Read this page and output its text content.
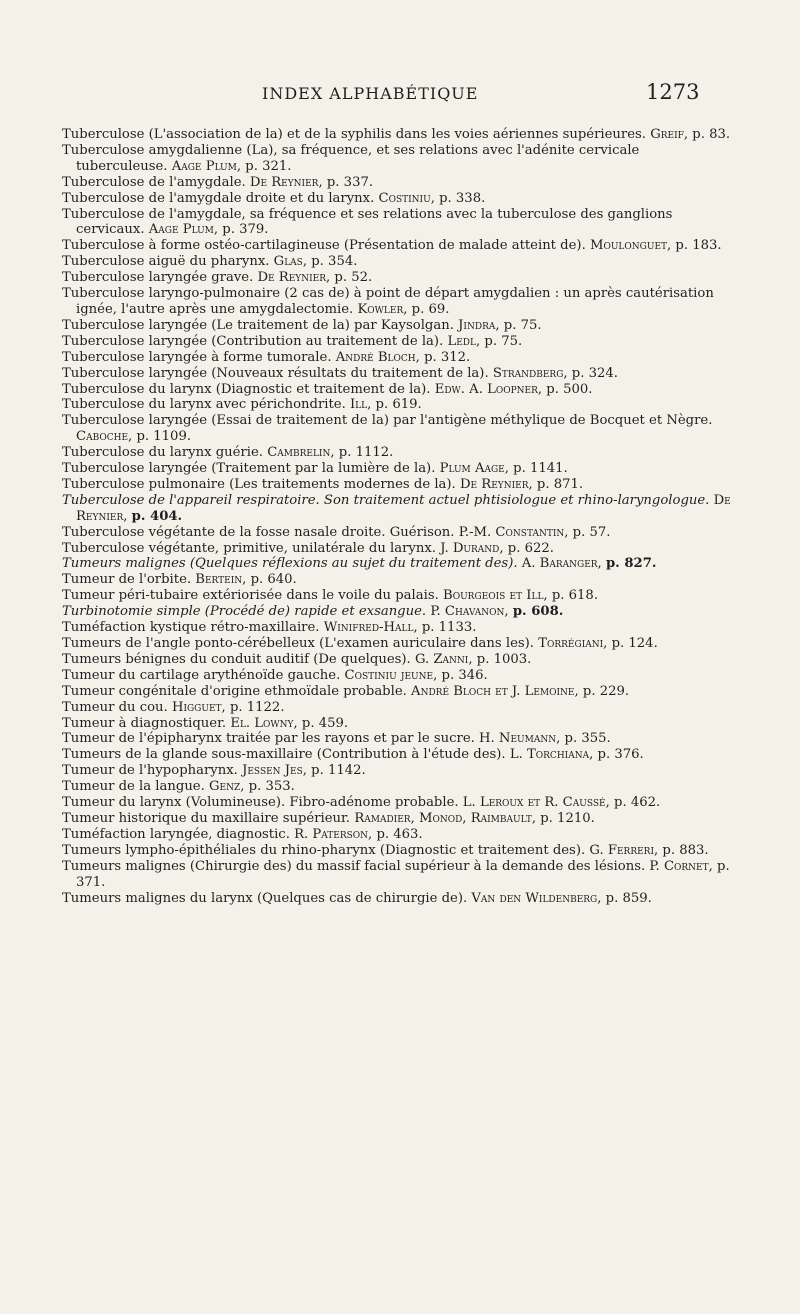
INDEX ALPHABÉTIQUE	1273

Tuberculose (L'association de la) et de la syphilis dans les voies aériennes supérieures. Greif, p. 83.

Tuberculose amygdalienne (La), sa fréquence, et ses relations avec l'adénite cervicale tuberculeuse. Aage Plum, p. 321.

Tuberculose de l'amygdale. De Reynier, p. 337.

Tuberculose de l'amygdale droite et du larynx. Costiniu, p. 338.

Tuberculose de l'amygdale, sa fréquence et ses relations avec la tuberculose des ganglions cervicaux. Aage Plum, p. 379.

Tuberculose à forme ostéo-cartilagineuse (Présentation de malade atteint de). Moulonguet, p. 183.

Tuberculose aiguë du pharynx. Glas, p. 354.

Tuberculose laryngée grave. De Reynier, p. 52.

Tuberculose laryngo-pulmonaire (2 cas de) à point de départ amygdalien : un après cautérisation ignée, l'autre après une amygdalectomie. Kowler, p. 69.

Tuberculose laryngée (Le traitement de la) par Kaysolgan. Jindra, p. 75.

Tuberculose laryngée (Contribution au traitement de la). Ledl, p. 75.

Tuberculose laryngée à forme tumorale. André Bloch, p. 312.

Tuberculose laryngée (Nouveaux résultats du traitement de la). Strandberg, p. 324.

Tuberculose du larynx (Diagnostic et traitement de la). Edw. A. Loopner, p. 500.

Tuberculose du larynx avec périchondrite. Ill, p. 619.

Tuberculose laryngée (Essai de traitement de la) par l'antigène méthylique de Bocquet et Nègre. Caboche, p. 1109.

Tuberculose du larynx guérie. Cambrelin, p. 1112.

Tuberculose laryngée (Traitement par la lumière de la). Plum Aage, p. 1141.

Tuberculose pulmonaire (Les traitements modernes de la). De Reynier, p. 871.

Tuberculose de l'appareil respiratoire. Son traitement actuel phtisiologue et rhino-laryngologue. De Reynier, p. 404.

Tuberculose végétante de la fosse nasale droite. Guérison. P.-M. Constantin, p. 57.

Tuberculose végétante, primitive, unilatérale du larynx. J. Durand, p. 622.

Tumeurs malignes (Quelques réflexions au sujet du traitement des). A. Baranger, p. 827.

Tumeur de l'orbite. Bertein, p. 640.

Tumeur péri-tubaire extériorisée dans le voile du palais. Bourgeois et Ill, p. 618.

Turbinotomie simple (Procédé de) rapide et exsangue. P. Chavanon, p. 608.

Tuméfaction kystique rétro-maxillaire. Winifred-Hall, p. 1133.

Tumeurs de l'angle ponto-cérébelleux (L'examen auriculaire dans les). Torrégiani, p. 124.

Tumeurs bénignes du conduit auditif (De quelques). G. Zanni, p. 1003.

Tumeur du cartilage arythénoïde gauche. Costiniu jeune, p. 346.

Tumeur congénitale d'origine ethmoïdale probable. André Bloch et J. Lemoine, p. 229.

Tumeur du cou. Higguet, p. 1122.

Tumeur à diagnostiquer. El. Lowny, p. 459.

Tumeur de l'épipharynx traitée par les rayons et par le sucre. H. Neumann, p. 355.

Tumeurs de la glande sous-maxillaire (Contribution à l'étude des). L. Torchiana, p. 376.

Tumeur de l'hypopharynx. Jessen Jes, p. 1142.

Tumeur de la langue. Genz, p. 353.

Tumeur du larynx (Volumineuse). Fibro-adénome probable. L. Leroux et R. Caussé, p. 462.

Tumeur historique du maxillaire supérieur. Ramadier, Monod, Raimbault, p. 1210.

Tuméfaction laryngée, diagnostic. R. Paterson, p. 463.

Tumeurs lympho-épithéliales du rhino-pharynx (Diagnostic et traitement des). G. Ferreri, p. 883.

Tumeurs malignes (Chirurgie des) du massif facial supérieur à la demande des lésions. P. Cornet, p. 371.

Tumeurs malignes du larynx (Quelques cas de chirurgie de). Van den Wildenberg, p. 859.
